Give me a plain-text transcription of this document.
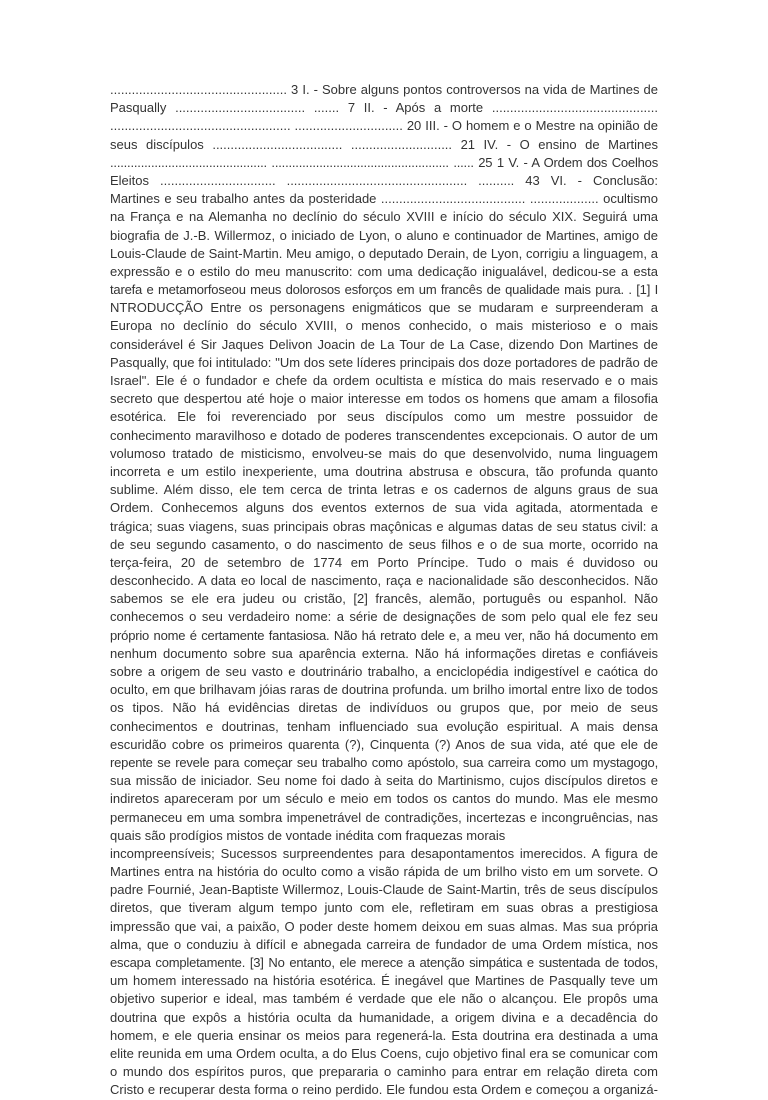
................................................. 3 I. - Sobre alguns pontos controversos na vida de Martines de
Pasqually .................................... ....... 7 II. - Após a morte ..............................................
.................................................. .............................. 20 III. - O homem e o Mestre na opinião de
seus discípulos .................................... ............................ 21 IV. - O ensino de Martines
.............................................. .................................................... ...... 25 1 V. - A Ordem dos Coelhos
Eleitos ................................ .................................................. .......... 43 VI. - Conclusão:
Martines e seu trabalho antes da posteridade ........................................ ................... ocultismo
na França e na Alemanha no declínio do século XVIII e início do século XIX. Seguirá uma
biografia de J.-B. Willermoz, o iniciado de Lyon, o aluno e continuador de Martines, amigo de
Louis-Claude de Saint-Martin. Meu amigo, o deputado Derain, de Lyon, corrigiu a linguagem, a
expressão e o estilo do meu manuscrito: com uma dedicação inigualável, dedicou-se a esta
tarefa e metamorfoseou meus dolorosos esforços em um francês de qualidade mais pura. . [1] I
NTRODUCÇÃO Entre os personagens enigmáticos que se mudaram e surpreenderam a
Europa no declínio do século XVIII, o menos conhecido, o mais misterioso e o mais
considerável é Sir Jaques Delivon Joacin de La Tour de La Case, dizendo Don Martines de
Pasqually, que foi intitulado: "Um dos sete líderes principais dos doze portadores de padrão de
Israel". Ele é o fundador e chefe da ordem ocultista e mística do mais reservado e o mais
secreto que despertou até hoje o maior interesse em todos os homens que amam a filosofia
esotérica. Ele foi reverenciado por seus discípulos como um mestre possuidor de
conhecimento maravilhoso e dotado de poderes transcendentes excepcionais. O autor de um
volumoso tratado de misticismo, envolveu-se mais do que desenvolvido, numa linguagem
incorreta e um estilo inexperiente, uma doutrina abstrusa e obscura, tão profunda quanto
sublime. Além disso, ele tem cerca de trinta letras e os cadernos de alguns graus de sua
Ordem. Conhecemos alguns dos eventos externos de sua vida agitada, atormentada e
trágica; suas viagens, suas principais obras maçônicas e algumas datas de seu status civil: a
de seu segundo casamento, o do nascimento de seus filhos e o de sua morte, ocorrido na
terça-feira, 20 de setembro de 1774 em Porto Príncipe. Tudo o mais é duvidoso ou
desconhecido. A data eo local de nascimento, raça e nacionalidade são desconhecidos. Não
sabemos se ele era judeu ou cristão, [2] francês, alemão, português ou espanhol. Não
conhecemos o seu verdadeiro nome: a série de designações de som pelo qual ele fez seu
próprio nome é certamente fantasiosa. Não há retrato dele e, a meu ver, não há documento em
nenhum documento sobre sua aparência externa. Não há informações diretas e confiáveis
sobre a origem de seu vasto e doutrinário trabalho, a enciclopédia indigestível e caótica do
oculto, em que brilhavam jóias raras de doutrina profunda. um brilho imortal entre lixo de todos
os tipos. Não há evidências diretas de indivíduos ou grupos que, por meio de seus
conhecimentos e doutrinas, tenham influenciado sua evolução espiritual. A mais densa
escuridão cobre os primeiros quarenta (?), Cinquenta (?) Anos de sua vida, até que ele de
repente se revele para começar seu trabalho como apóstolo, sua carreira como um mystagogo,
sua missão de iniciador. Seu nome foi dado à seita do Martinismo, cujos discípulos diretos e
indiretos apareceram por um século e meio em todos os cantos do mundo. Mas ele mesmo
permaneceu em uma sombra impenetrável de contradições, incertezas e incongruências, nas
quais são prodígios mistos de vontade inédita com fraquezas morais
incompreensíveis; Sucessos surpreendentes para desapontamentos imerecidos. A figura de
Martines entra na história do oculto como a visão rápida de um brilho visto em um sorvete. O
padre Fournié, Jean-Baptiste Willermoz, Louis-Claude de Saint-Martin, três de seus discípulos
diretos, que tiveram algum tempo junto com ele, refletiram em suas obras a prestigiosa
impressão que vai, a paixão, O poder deste homem deixou em suas almas. Mas sua própria
alma, que o conduziu à difícil e abnegada carreira de fundador de uma Ordem mística, nos
escapa completamente. [3] No entanto, ele merece a atenção simpática e sustentada de todos,
um homem interessado na história esotérica. É inegável que Martines de Pasqually teve um
objetivo superior e ideal, mas também é verdade que ele não o alcançou. Ele propôs uma
doutrina que expôs a história oculta da humanidade, a origem divina e a decadência do
homem, e ele queria ensinar os meios para regenerá-la. Esta doutrina era destinada a uma
elite reunida em uma Ordem oculta, a do Elus Coens, cujo objetivo final era se comunicar com
o mundo dos espíritos puros, que prepararia o caminho para entrar em relação direta com
Cristo e recuperar desta forma o reino perdido. Ele fundou esta Ordem e começou a organizá-
